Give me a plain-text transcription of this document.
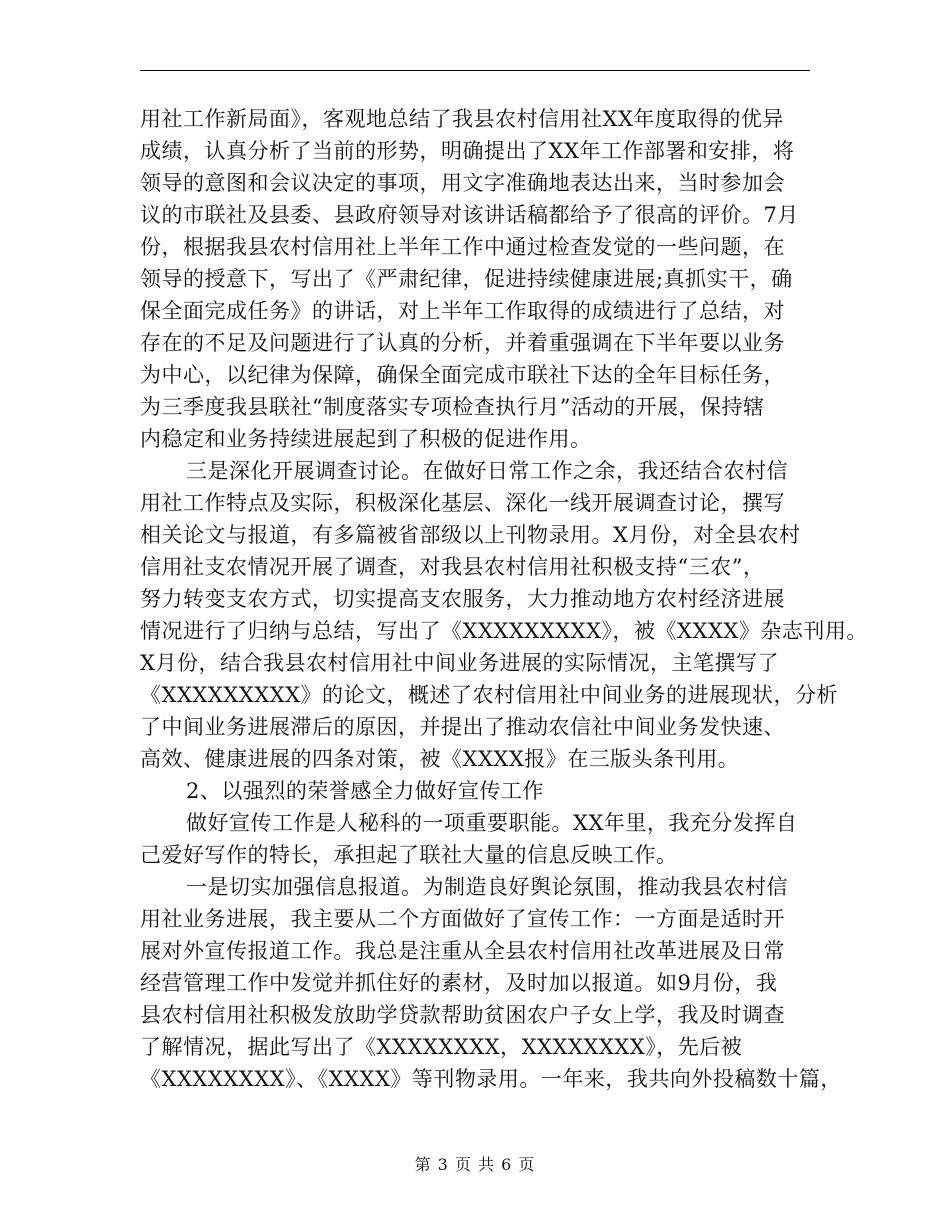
用社工作新局面》，客观地总结了我县农村信用社XX年度取得的优异
成绩，认真分析了当前的形势，明确提出了XX年工作部署和安排，将
领导的意图和会议决定的事项，用文字准确地表达出来，当时参加会
议的市联社及县委、县政府领导对该讲话稿都给予了很高的评价。7月
份，根据我县农村信用社上半年工作中通过检查发觉的一些问题，在
领导的授意下，写出了《严肃纪律，促进持续健康进展;真抓实干，确
保全面完成任务》的讲话，对上半年工作取得的成绩进行了总结，对
存在的不足及问题进行了认真的分析，并着重强调在下半年要以业务
为中心，以纪律为保障，确保全面完成市联社下达的全年目标任务，
为三季度我县联社“制度落实专项检查执行月”活动的开展，保持辖
内稳定和业务持续进展起到了积极的促进作用。
三是深化开展调查讨论。在做好日常工作之余，我还结合农村信
用社工作特点及实际，积极深化基层、深化一线开展调查讨论，撰写
相关论文与报道，有多篇被省部级以上刊物录用。X月份，对全县农村
信用社支农情况开展了调查，对我县农村信用社积极支持“三农”，
努力转变支农方式，切实提高支农服务，大力推动地方农村经济进展
情况进行了归纳与总结，写出了《XXXXXXXXX》，被《XXXX》杂志刊用。
X月份，结合我县农村信用社中间业务进展的实际情况，主笔撰写了
《XXXXXXXXX》的论文，概述了农村信用社中间业务的进展现状，分析
了中间业务进展滞后的原因，并提出了推动农信社中间业务发快速、
高效、健康进展的四条对策，被《XXXX报》在三版头条刊用。
2、以强烈的荣誉感全力做好宣传工作
做好宣传工作是人秘科的一项重要职能。XX年里，我充分发挥自
己爱好写作的特长，承担起了联社大量的信息反映工作。
一是切实加强信息报道。为制造良好舆论氛围，推动我县农村信
用社业务进展，我主要从二个方面做好了宣传工作：一方面是适时开
展对外宣传报道工作。我总是注重从全县农村信用社改革进展及日常
经营管理工作中发觉并抓住好的素材，及时加以报道。如9月份，我
县农村信用社积极发放助学贷款帮助贫困农户子女上学，我及时调查
了解情况，据此写出了《XXXXXXXX，XXXXXXXX》，先后被
《XXXXXXXX》、《XXXX》等刊物录用。一年来，我共向外投稿数十篇，
第 3 页 共 6 页
